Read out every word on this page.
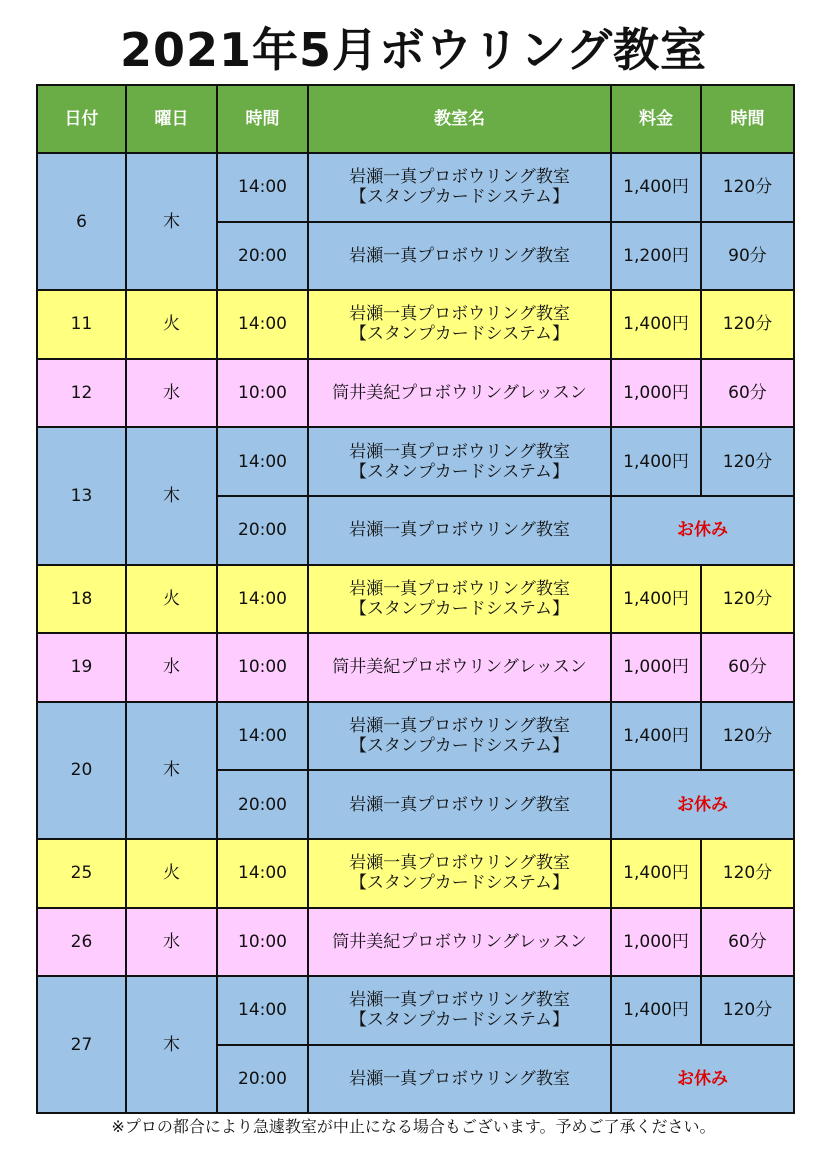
2021年5月ボウリング教室
日付	曜日	時間	教室名	料金	時間
6	木	14:00	岩瀬一真プロボウリング教室
【スタンプカードシステム】	1,400円	120分
		20:00	岩瀬一真プロボウリング教室	1,200円	90分
11	火	14:00	岩瀬一真プロボウリング教室
【スタンプカードシステム】	1,400円	120分
12	水	10:00	筒井美紀プロボウリングレッスン	1,000円	60分
13	木	14:00	岩瀬一真プロボウリング教室
【スタンプカードシステム】	1,400円	120分
		20:00	岩瀬一真プロボウリング教室	お休み	
18	火	14:00	岩瀬一真プロボウリング教室
【スタンプカードシステム】	1,400円	120分
19	水	10:00	筒井美紀プロボウリングレッスン	1,000円	60分
20	木	14:00	岩瀬一真プロボウリング教室
【スタンプカードシステム】	1,400円	120分
		20:00	岩瀬一真プロボウリング教室	お休み	
25	火	14:00	岩瀬一真プロボウリング教室
【スタンプカードシステム】	1,400円	120分
26	水	10:00	筒井美紀プロボウリングレッスン	1,000円	60分
27	木	14:00	岩瀬一真プロボウリング教室
【スタンプカードシステム】	1,400円	120分
		20:00	岩瀬一真プロボウリング教室	お休み	
※プロの都合により急遽教室が中止になる場合もございます。予めご了承ください。
